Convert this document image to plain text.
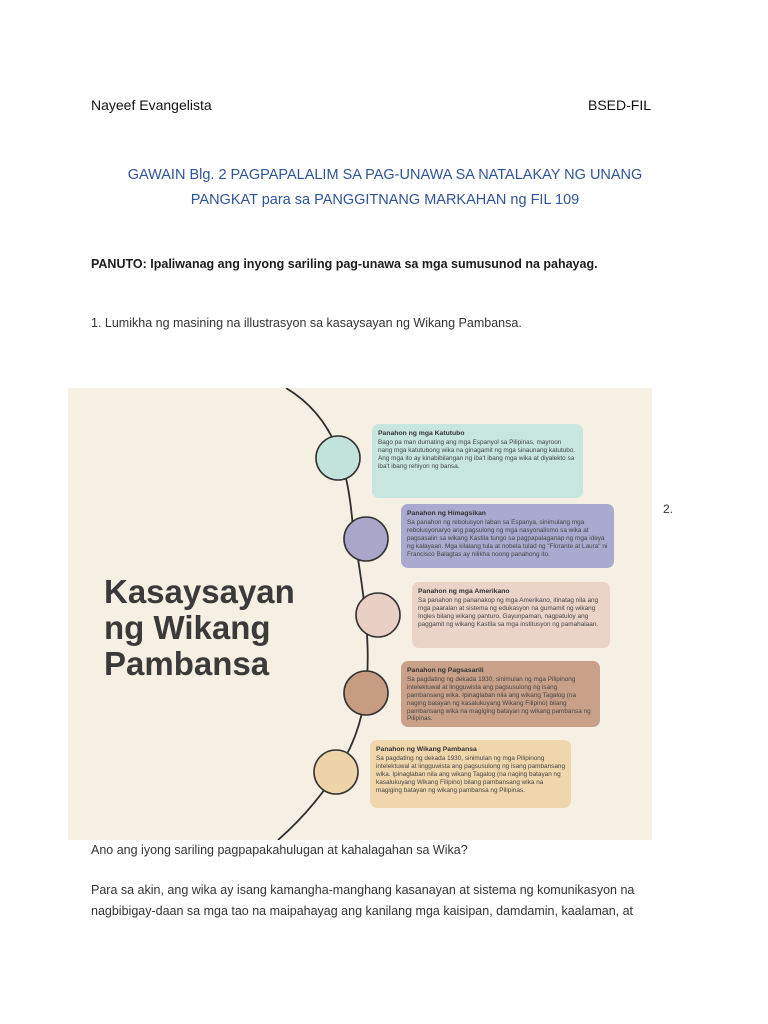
Nayeef Evangelista	BSED-FIL
GAWAIN Blg. 2 PAGPAPALALIM SA PAG-UNAWA SA NATALAKAY NG UNANG
PANGKAT para sa PANGGITNANG MARKAHAN ng FIL 109
PANUTO: Ipaliwanag ang inyong sariling pag-unawa sa mga sumusunod na pahayag.
1. Lumikha ng masining na illustrasyon sa kasaysayan ng Wikang Pambansa.
2.
Kasaysayan
ng Wikang
Pambansa
Panahon ng mga Katutubo
Bago pa man dumating ang mga Espanyol sa Pilipinas, mayroon nang mga katutubong wika na ginagamit ng mga sinaunang katutubo. Ang mga ito ay kinabibilangan ng iba't ibang mga wika at diyalekto sa iba't ibang rehiyon ng bansa.
Panahon ng Himagsikan
Sa panahon ng rebolusyon laban sa Espanya, sinimulang mga rebolusyonaryo ang pagsulong ng mga nasyonalismo sa wika at pagsasalin sa wikang Kastila tungo sa pagpapalaganap ng mga ideya ng kalayaan. Mga kilalang tula at nobela tulad ng "Florante at Laura" ni Francisco Balagtas ay nilikha noong panahong ito.
Panahon ng mga Amerikano
Sa panahon ng pananakop ng mga Amerikano, itinatag nila ang mga paaralan at sistema ng edukasyon na gumamit ng wikang Ingles bilang wikang panturo. Gayunpaman, nagpatuloy ang paggamit ng wikang Kastila sa mga institusyon ng pamahalaan.
Panahon ng Pagsasarili
Sa pagdating ng dekada 1930, sinimulan ng mga Pilipinong intelektuwal at lingguwista ang pagsusulong ng isang pambansang wika. Ipinaglaban nila ang wikang Tagalog (na naging batayan ng kasalukuyang Wikang Filipino) bilang pambansang wika na magiging batayan ng wikang pambansa ng Pilipinas.
Panahon ng Wikang Pambansa
Sa pagdating ng dekada 1930, sinimulan ng mga Pilipinong intelektuwal at lingguwista ang pagsusulong ng isang pambansang wika. Ipinaglaban nila ang wikang Tagalog (na naging batayan ng kasalukuyang Wikang Filipino) bilang pambansang wika na magiging batayan ng wikang pambansa ng Pilipinas.
Ano ang iyong sariling pagpapakahulugan at kahalagahan sa Wika?
Para sa akin, ang wika ay isang kamangha-manghang kasanayan at sistema ng komunikasyon na nagbibigay-daan sa mga tao na maipahayag ang kanilang mga kaisipan, damdamin, kaalaman, at
